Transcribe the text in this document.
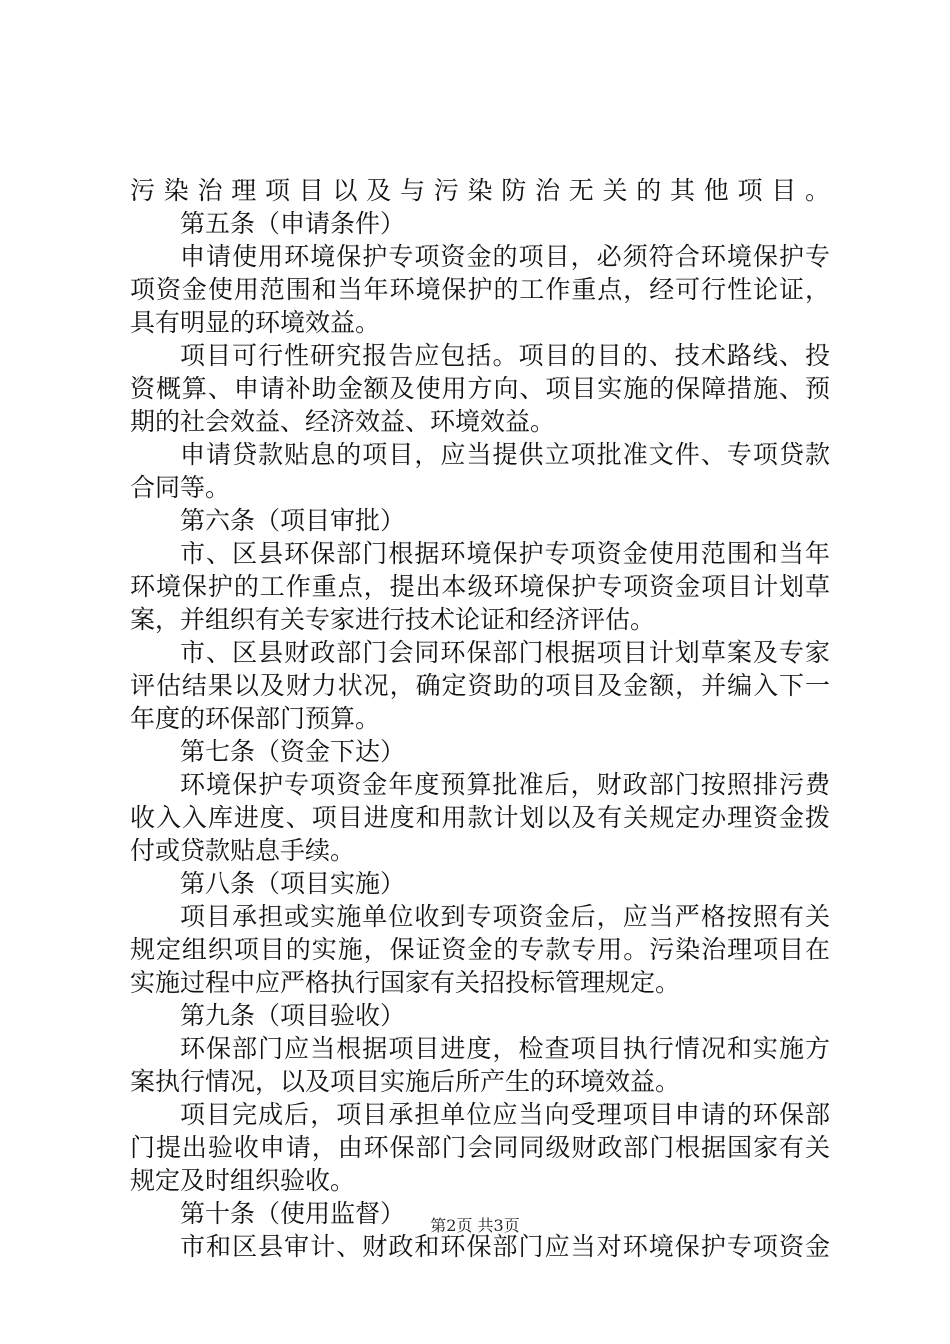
污染治理项目以及与污染防治无关的其他项目。

第五条（申请条件）

申请使用环境保护专项资金的项目，必须符合环境保护专

项资金使用范围和当年环境保护的工作重点，经可行性论证，

具有明显的环境效益。

项目可行性研究报告应包括。项目的目的、技术路线、投

资概算、申请补助金额及使用方向、项目实施的保障措施、预

期的社会效益、经济效益、环境效益。

申请贷款贴息的项目，应当提供立项批准文件、专项贷款

合同等。

第六条（项目审批）

市、区县环保部门根据环境保护专项资金使用范围和当年

环境保护的工作重点，提出本级环境保护专项资金项目计划草

案，并组织有关专家进行技术论证和经济评估。

市、区县财政部门会同环保部门根据项目计划草案及专家

评估结果以及财力状况，确定资助的项目及金额，并编入下一

年度的环保部门预算。

第七条（资金下达）

环境保护专项资金年度预算批准后，财政部门按照排污费

收入入库进度、项目进度和用款计划以及有关规定办理资金拨

付或贷款贴息手续。

第八条（项目实施）

项目承担或实施单位收到专项资金后，应当严格按照有关

规定组织项目的实施，保证资金的专款专用。污染治理项目在

实施过程中应严格执行国家有关招投标管理规定。

第九条（项目验收）

环保部门应当根据项目进度，检查项目执行情况和实施方

案执行情况，以及项目实施后所产生的环境效益。

项目完成后，项目承担单位应当向受理项目申请的环保部

门提出验收申请，由环保部门会同同级财政部门根据国家有关

规定及时组织验收。

第十条（使用监督）

市和区县审计、财政和环保部门应当对环境保护专项资金

第2页 共3页
